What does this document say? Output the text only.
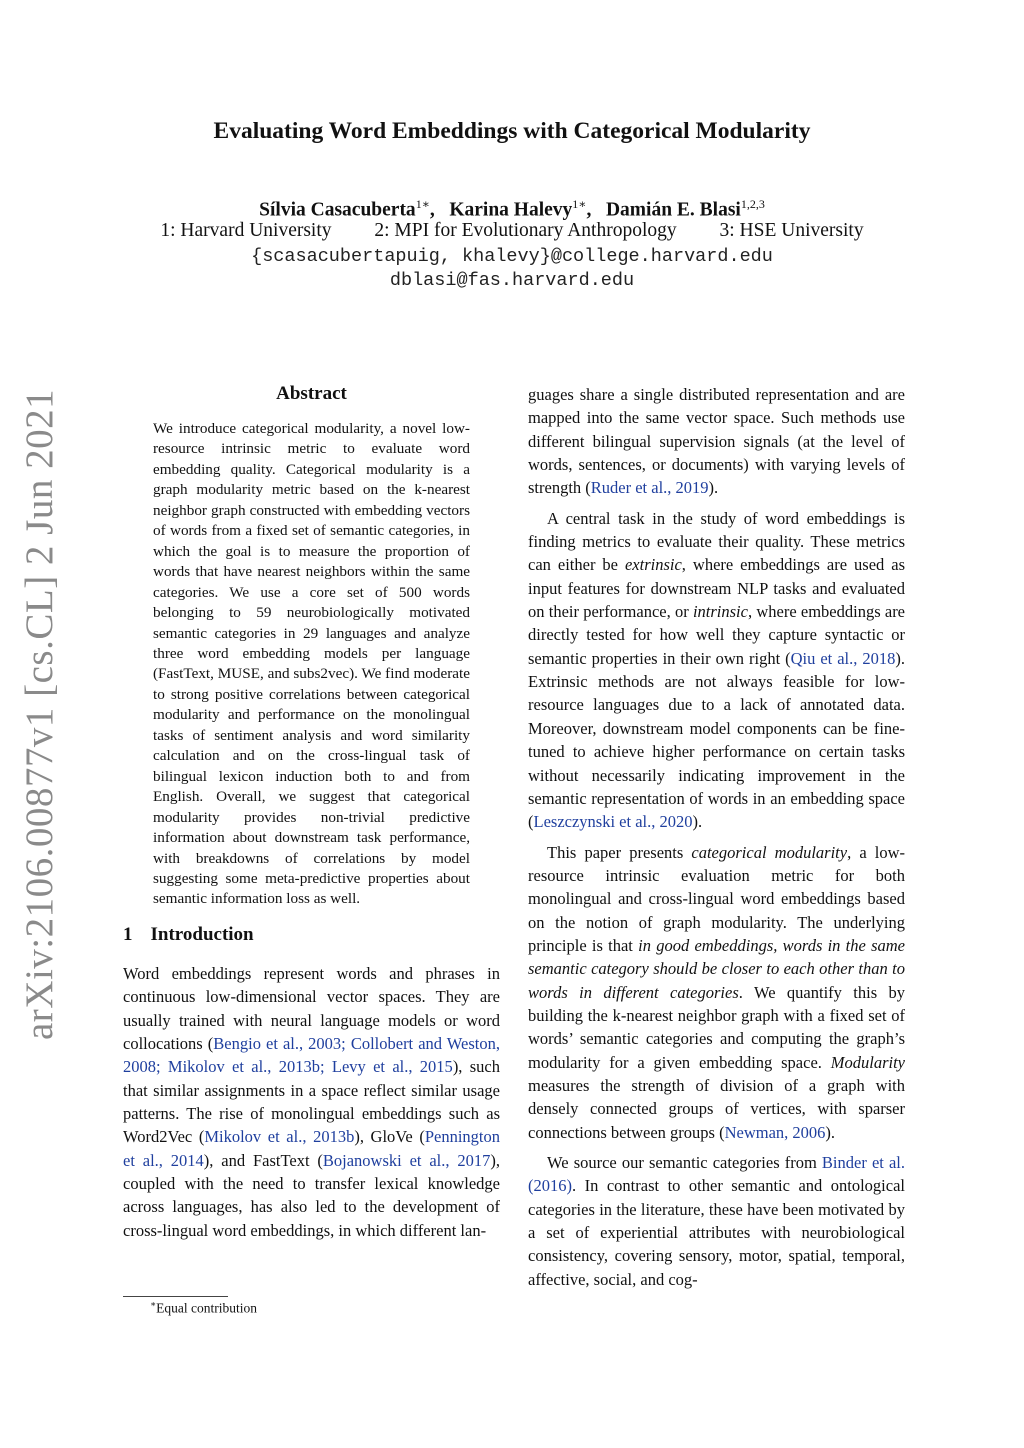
arXiv:2106.00877v1 [cs.CL] 2 Jun 2021
Evaluating Word Embeddings with Categorical Modularity
Sílvia Casacuberta$^{1∗}$,   Karina Halevy$^{1∗}$,   Damián E. Blasi$^{1,2,3}$
1: Harvard University 2: MPI for Evolutionary Anthropology 3: HSE University
{scasacubertapuig, khalevy}@college.harvard.edu
dblasi@fas.harvard.edu
Abstract

We introduce categorical modularity, a novel low-resource intrinsic metric to evaluate word embedding quality. Categorical modularity is a graph modularity metric based on the k-nearest neighbor graph constructed with embedding vectors of words from a fixed set of semantic categories, in which the goal is to measure the proportion of words that have nearest neighbors within the same categories. We use a core set of 500 words belonging to 59 neurobiologically motivated semantic categories in 29 languages and analyze three word embedding models per language (FastText, MUSE, and subs2vec). We find moderate to strong positive correlations between categorical modularity and performance on the monolingual tasks of sentiment analysis and word similarity calculation and on the cross-lingual task of bilingual lexicon induction both to and from English. Overall, we suggest that categorical modularity provides non-trivial predictive information about downstream task performance, with breakdowns of correlations by model suggesting some meta-predictive properties about semantic information loss as well.

1 Introduction

Word embeddings represent words and phrases in continuous low-dimensional vector spaces. They are usually trained with neural language models or word collocations (Bengio et al., 2003; Collobert and Weston, 2008; Mikolov et al., 2013b; Levy et al., 2015), such that similar assignments in a space reflect similar usage patterns. The rise of monolingual embeddings such as Word2Vec (Mikolov et al., 2013b), GloVe (Pennington et al., 2014), and FastText (Bojanowski et al., 2017), coupled with the need to transfer lexical knowledge across languages, has also led to the development of cross-lingual word embeddings, in which different lan-

guages share a single distributed representation and are mapped into the same vector space. Such methods use different bilingual supervision signals (at the level of words, sentences, or documents) with varying levels of strength (Ruder et al., 2019).

A central task in the study of word embeddings is finding metrics to evaluate their quality. These metrics can either be extrinsic, where embeddings are used as input features for downstream NLP tasks and evaluated on their performance, or intrinsic, where embeddings are directly tested for how well they capture syntactic or semantic properties in their own right (Qiu et al., 2018). Extrinsic methods are not always feasible for low-resource languages due to a lack of annotated data. Moreover, downstream model components can be fine-tuned to achieve higher performance on certain tasks without necessarily indicating improvement in the semantic representation of words in an embedding space (Leszczynski et al., 2020).

This paper presents categorical modularity, a low-resource intrinsic evaluation metric for both monolingual and cross-lingual word embeddings based on the notion of graph modularity. The underlying principle is that in good embeddings, words in the same semantic category should be closer to each other than to words in different categories. We quantify this by building the k-nearest neighbor graph with a fixed set of words’ semantic categories and computing the graph’s modularity for a given embedding space. Modularity measures the strength of division of a graph with densely connected groups of vertices, with sparser connections between groups (Newman, 2006).

We source our semantic categories from Binder et al. (2016). In contrast to other semantic and ontological categories in the literature, these have been motivated by a set of experiential attributes with neurobiological consistency, covering sensory, motor, spatial, temporal, affective, social, and cog-

∗Equal contribution
